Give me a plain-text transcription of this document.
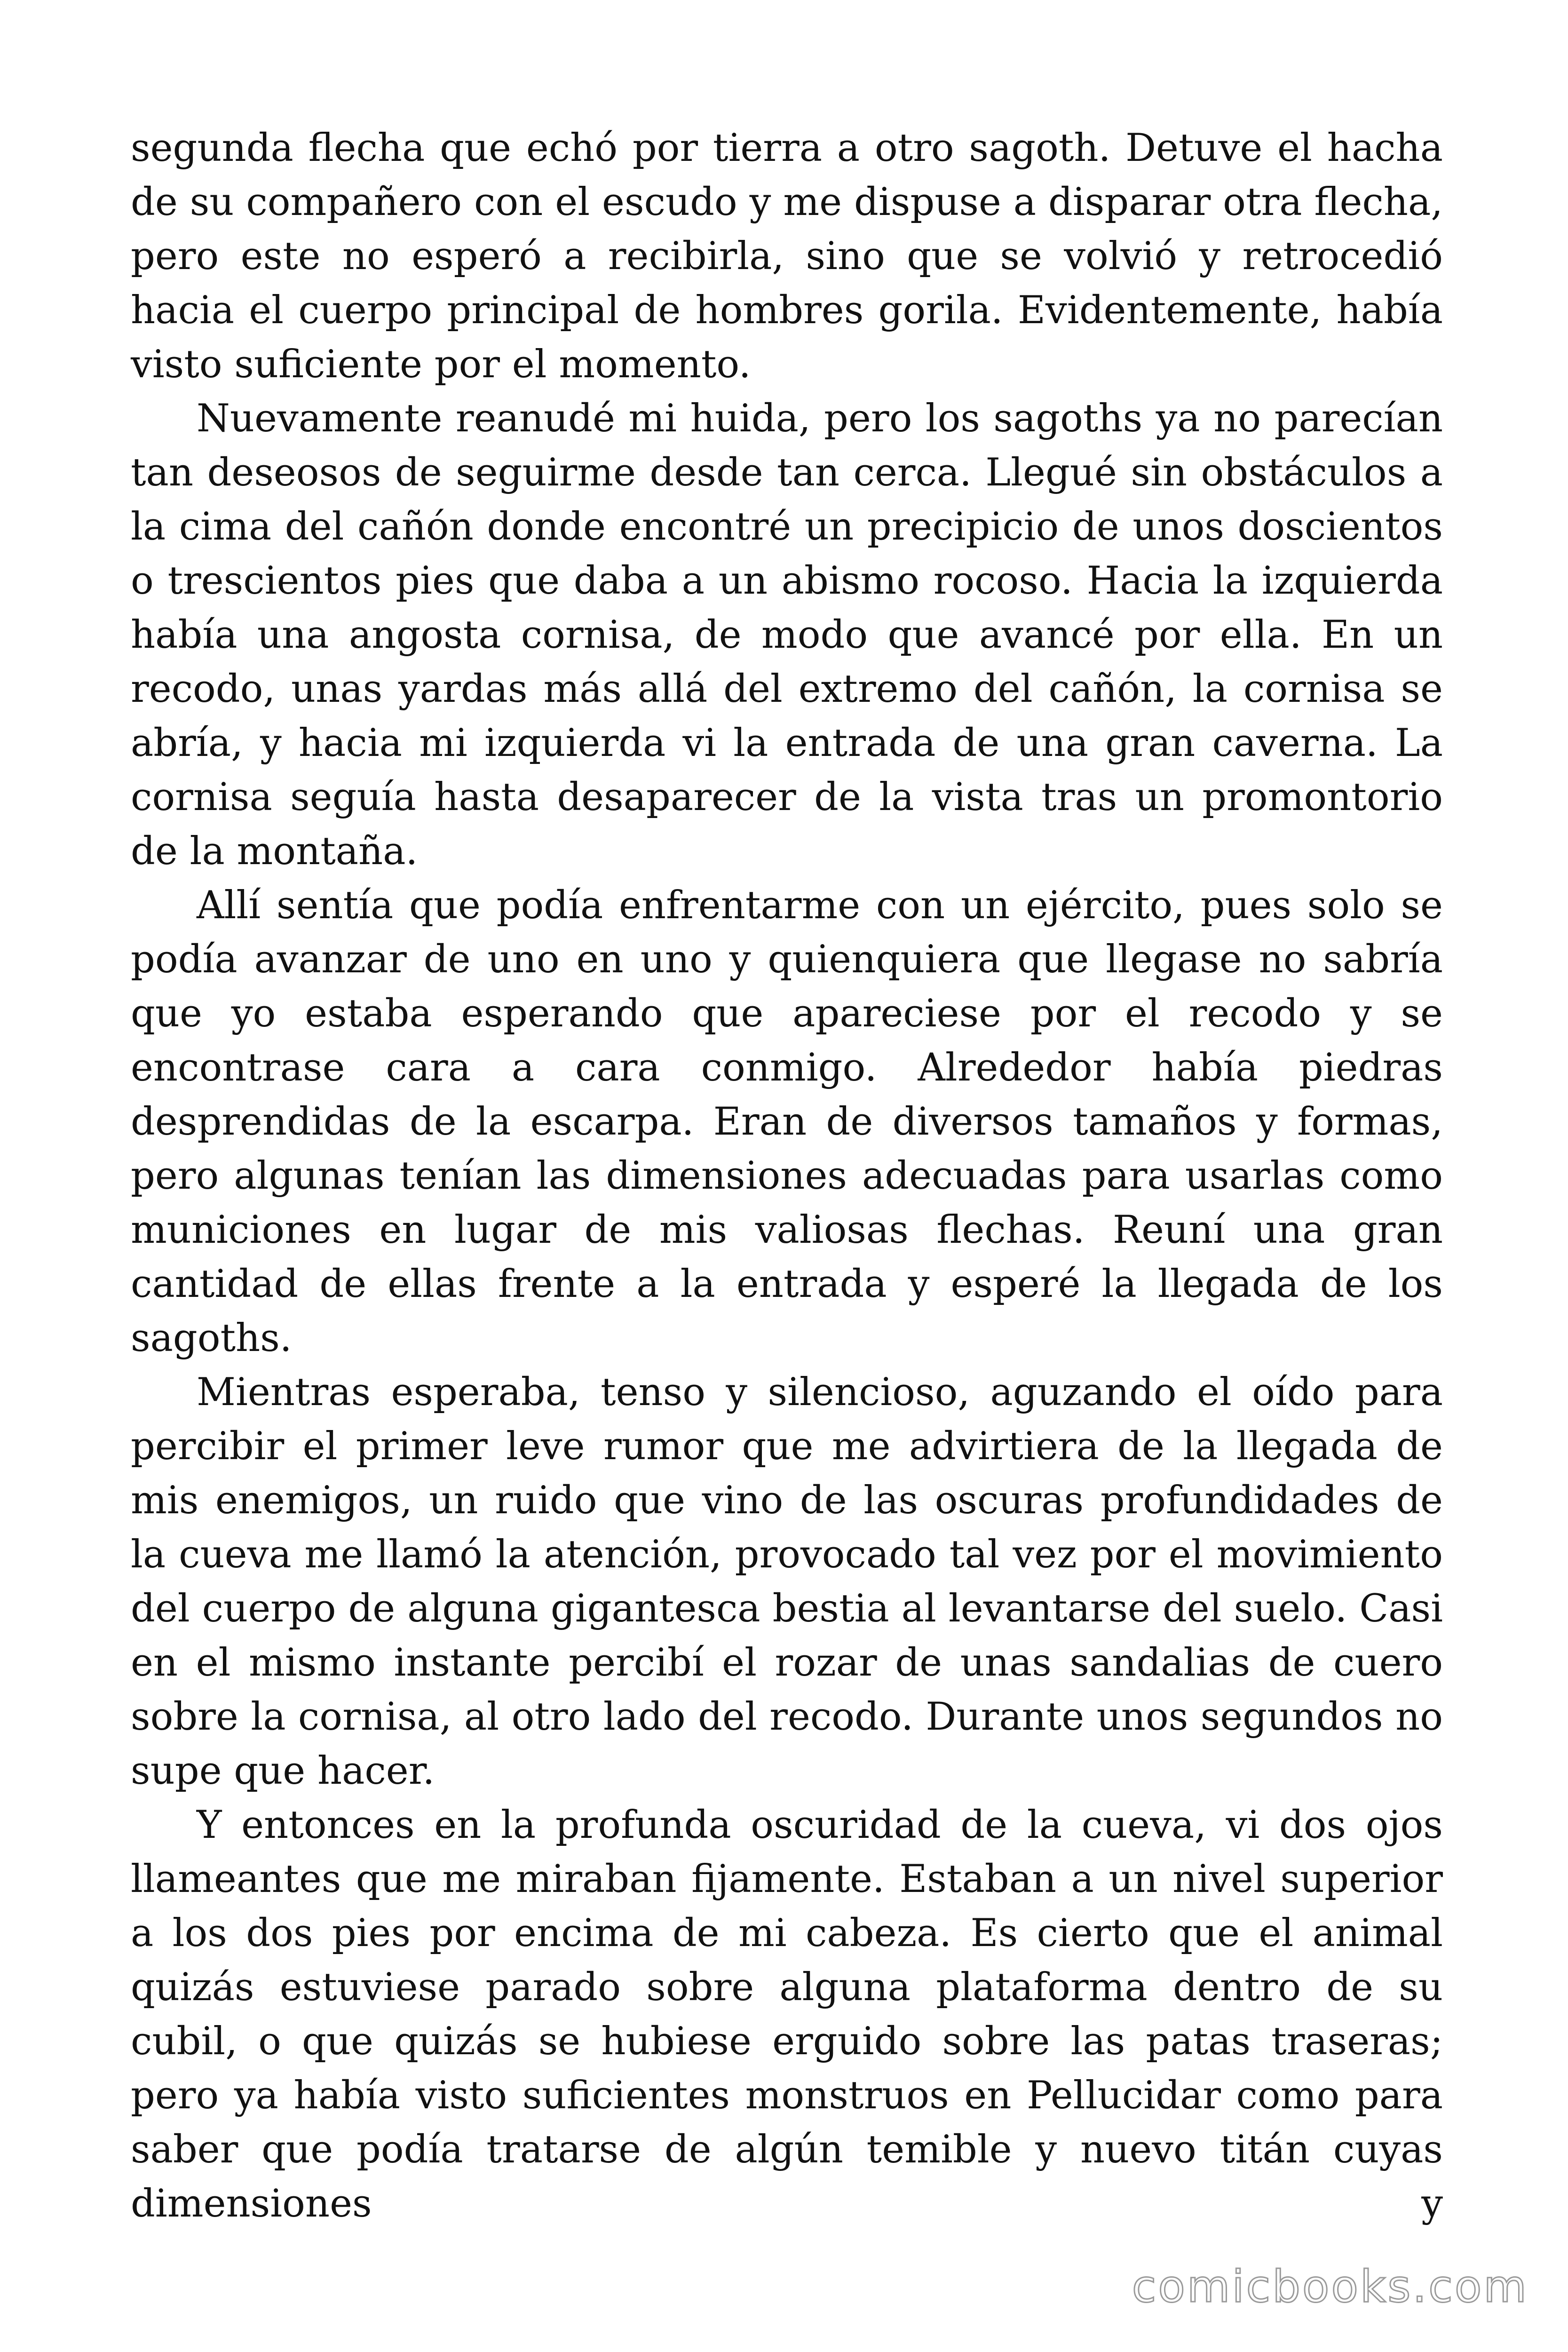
segunda flecha que echó por tierra a otro sagoth. Detuve el hacha de su compañero con el escudo y me dispuse a disparar otra flecha, pero este no esperó a recibirla, sino que se volvió y retrocedió hacia el cuerpo principal de hombres gorila. Evidentemente, había visto suficiente por el momento.

Nuevamente reanudé mi huida, pero los sagoths ya no parecían tan deseosos de seguirme desde tan cerca. Llegué sin obstáculos a la cima del cañón donde encontré un precipicio de unos doscientos o trescientos pies que daba a un abismo rocoso. Hacia la izquierda había una angosta cornisa, de modo que avancé por ella. En un recodo, unas yardas más allá del extremo del cañón, la cornisa se abría, y hacia mi izquierda vi la entrada de una gran caverna. La cornisa seguía hasta desaparecer de la vista tras un promontorio de la montaña.

Allí sentía que podía enfrentarme con un ejército, pues solo se podía avanzar de uno en uno y quienquiera que llegase no sabría que yo estaba esperando que apareciese por el recodo y se encontrase cara a cara conmigo. Alrededor había piedras desprendidas de la escarpa. Eran de diversos tamaños y formas, pero algunas tenían las dimensiones adecuadas para usarlas como municiones en lugar de mis valiosas flechas. Reuní una gran cantidad de ellas frente a la entrada y esperé la llegada de los sagoths.

Mientras esperaba, tenso y silencioso, aguzando el oído para percibir el primer leve rumor que me advirtiera de la llegada de mis enemigos, un ruido que vino de las oscuras profundidades de la cueva me llamó la atención, provocado tal vez por el movimiento del cuerpo de alguna gigantesca bestia al levantarse del suelo. Casi en el mismo instante percibí el rozar de unas sandalias de cuero sobre la cornisa, al otro lado del recodo. Durante unos segundos no supe que hacer.

Y entonces en la profunda oscuridad de la cueva, vi dos ojos llameantes que me miraban fijamente. Estaban a un nivel superior a los dos pies por encima de mi cabeza. Es cierto que el animal quizás estuviese parado sobre alguna plataforma dentro de su cubil, o que quizás se hubiese erguido sobre las patas traseras; pero ya había visto suficientes monstruos en Pellucidar como para saber que podía tratarse de algún temible y nuevo titán cuyas dimensiones y

comicbooks.com
